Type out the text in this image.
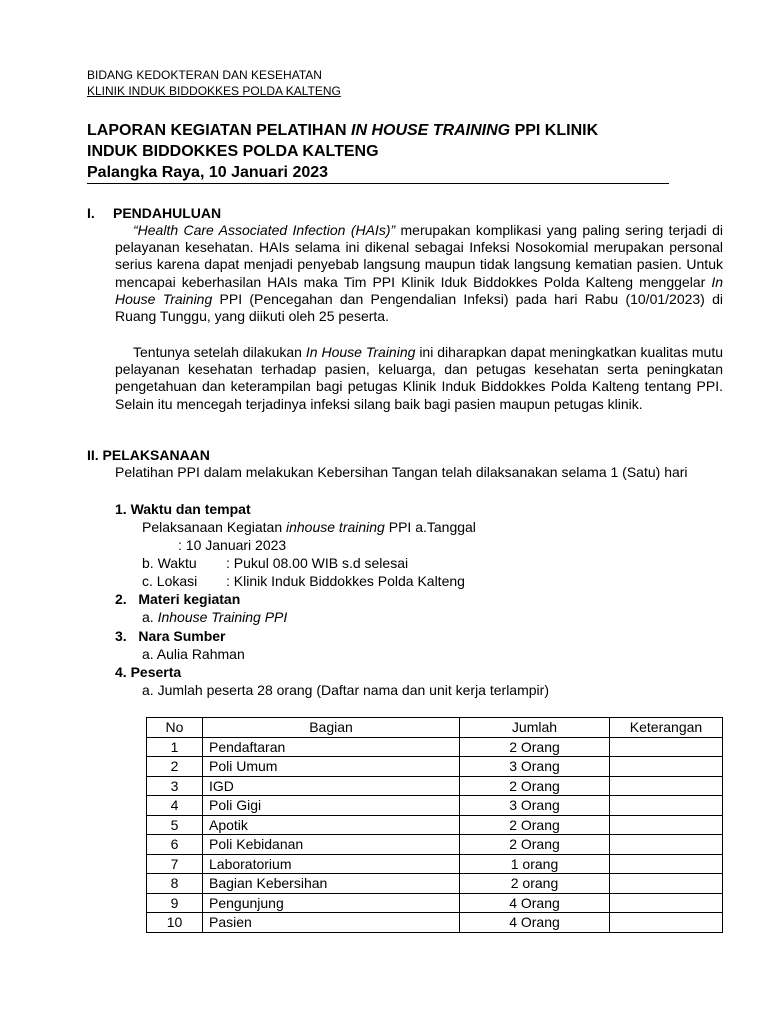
BIDANG KEDOKTERAN DAN KESEHATAN
KLINIK INDUK BIDDOKKES POLDA KALTENG
LAPORAN KEGIATAN PELATIHAN IN HOUSE TRAINING PPI KLINIK
INDUK BIDDOKKES POLDA KALTENG
Palangka Raya, 10 Januari 2023
I. PENDAHULUAN
“Health Care Associated Infection (HAIs)” merupakan komplikasi yang paling sering terjadi di pelayanan kesehatan. HAIs selama ini dikenal sebagai Infeksi Nosokomial merupakan personal serius karena dapat menjadi penyebab langsung maupun tidak langsung kematian pasien. Untuk mencapai keberhasilan HAIs maka Tim PPI Klinik Iduk Biddokkes Polda Kalteng menggelar In House Training PPI (Pencegahan dan Pengendalian Infeksi) pada hari Rabu (10/01/2023) di Ruang Tunggu, yang diikuti oleh 25 peserta.
Tentunya setelah dilakukan In House Training ini diharapkan dapat meningkatkan kualitas mutu pelayanan kesehatan terhadap pasien, keluarga, dan petugas kesehatan serta peningkatan pengetahuan dan keterampilan bagi petugas Klinik Induk Biddokkes Polda Kalteng tentang PPI. Selain itu mencegah terjadinya infeksi silang baik bagi pasien maupun petugas klinik.
II. PELAKSANAAN
Pelatihan PPI dalam melakukan Kebersihan Tangan telah dilaksanakan selama 1 (Satu) hari
1. Waktu dan tempat
Pelaksanaan Kegiatan inhouse training PPI a.Tanggal
: 10 Januari 2023
b. Waktu : Pukul 08.00 WIB s.d selesai
c. Lokasi : Klinik Induk Biddokkes Polda Kalteng
2.   Materi kegiatan
a. Inhouse Training PPI
3.   Nara Sumber
a. Aulia Rahman
4. Peserta
a. Jumlah peserta 28 orang (Daftar nama dan unit kerja terlampir)
No	Bagian	Jumlah	Keterangan
1	Pendaftaran	2 Orang	
2	Poli Umum	3 Orang	
3	IGD	2 Orang	
4	Poli Gigi	3 Orang	
5	Apotik	2 Orang	
6	Poli Kebidanan	2 Orang	
7	Laboratorium	1 orang	
8	Bagian Kebersihan	2 orang	
9	Pengunjung	4 Orang	
10	Pasien	4 Orang	
